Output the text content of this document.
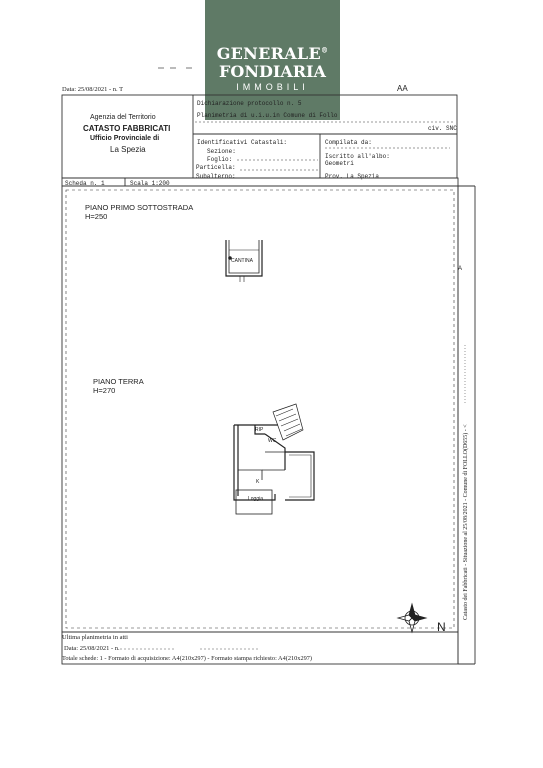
GENERALE®
FONDIARIA
IMMOBILI
Data: 25/08/2021 - n. T	AA
Agenzia del Territorio
CATASTO FABBRICATI
Ufficio Provinciale di
La Spezia
Dichiarazione protocollo n. 5
Planimetria di u.i.u.in Comune di Follo
civ. SNC
Identificativi Catastali:
Sezione:
Foglio:
Particella:
Subalterno:
Compilata da:
Iscritto all'albo:
Geometri
Prov. La Spezia
Scheda n. 1	Scala 1:200
PIANO PRIMO SOTTOSTRADA
H=250
CANTINA
PIANO TERRA
H=270
RIP
WC
K
Loggia
N
A
Ultima planimetria in atti
Data: 25/08/2021 - n.
Totale schede: 1 - Formato di acquisizione: A4(210x297) - Formato stampa richiesto: A4(210x297)
Catasto dei Fabbricati - Situazione al 25/08/2021 - Comune di FOLLO(D655) - <
